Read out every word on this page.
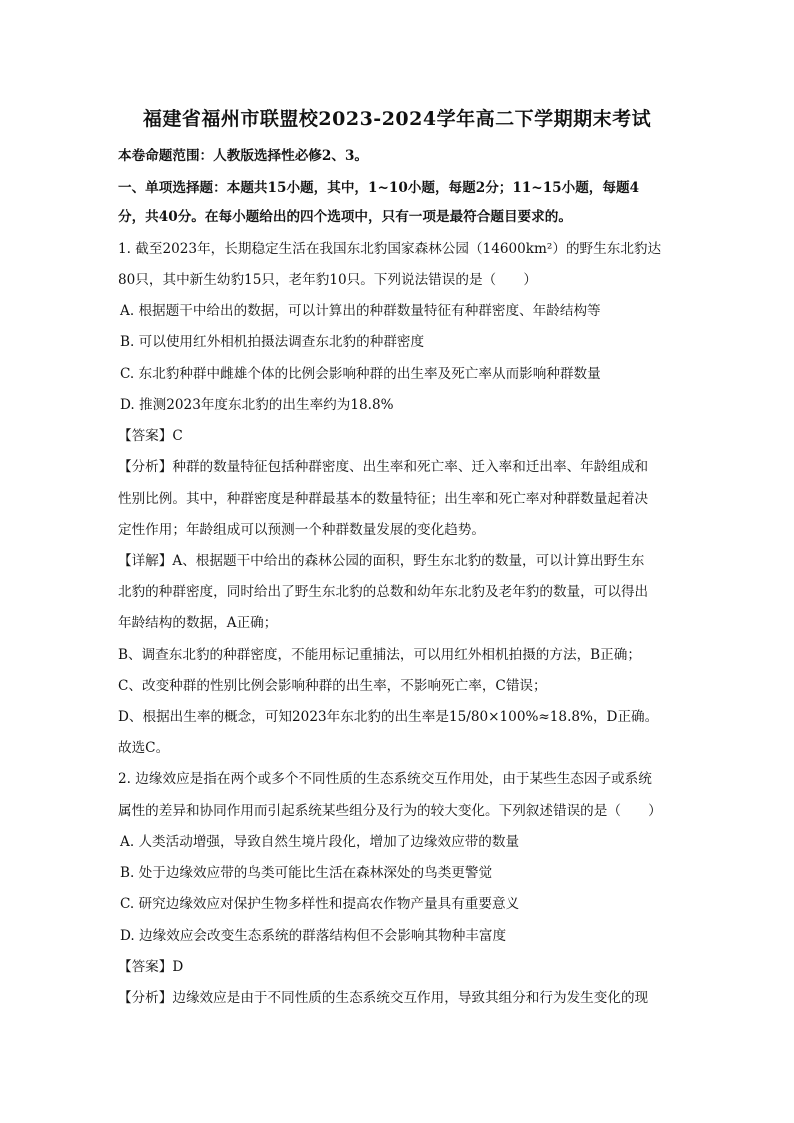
福建省福州市联盟校2023-2024学年高二下学期期末考试
本卷命题范围：人教版选择性必修2、3。
一、单项选择题：本题共15小题，其中，1~10小题，每题2分；11~15小题，每题4
分，共40分。在每小题给出的四个选项中，只有一项是最符合题目要求的。
1. 截至2023年，长期稳定生活在我国东北豹国家森林公园（14600km²）的野生东北豹达
80只，其中新生幼豹15只，老年豹10只。下列说法错误的是（　　）
A. 根据题干中给出的数据，可以计算出的种群数量特征有种群密度、年龄结构等
B. 可以使用红外相机拍摄法调查东北豹的种群密度
C. 东北豹种群中雌雄个体的比例会影响种群的出生率及死亡率从而影响种群数量
D. 推测2023年度东北豹的出生率约为18.8%
【答案】C
【分析】种群的数量特征包括种群密度、出生率和死亡率、迁入率和迁出率、年龄组成和
性别比例。其中，种群密度是种群最基本的数量特征；出生率和死亡率对种群数量起着决
定性作用；年龄组成可以预测一个种群数量发展的变化趋势。
【详解】A、根据题干中给出的森林公园的面积，野生东北豹的数量，可以计算出野生东
北豹的种群密度，同时给出了野生东北豹的总数和幼年东北豹及老年豹的数量，可以得出
年龄结构的数据，A正确；
B、调查东北豹的种群密度，不能用标记重捕法，可以用红外相机拍摄的方法，B正确；
C、改变种群的性别比例会影响种群的出生率，不影响死亡率，C错误；
D、根据出生率的概念，可知2023年东北豹的出生率是15/80×100%≈18.8%，D正确。
故选C。
2. 边缘效应是指在两个或多个不同性质的生态系统交互作用处，由于某些生态因子或系统
属性的差异和协同作用而引起系统某些组分及行为的较大变化。下列叙述错误的是（　　）
A. 人类活动增强，导致自然生境片段化，增加了边缘效应带的数量
B. 处于边缘效应带的鸟类可能比生活在森林深处的鸟类更警觉
C. 研究边缘效应对保护生物多样性和提高农作物产量具有重要意义
D. 边缘效应会改变生态系统的群落结构但不会影响其物种丰富度
【答案】D
【分析】边缘效应是由于不同性质的生态系统交互作用，导致其组分和行为发生变化的现
